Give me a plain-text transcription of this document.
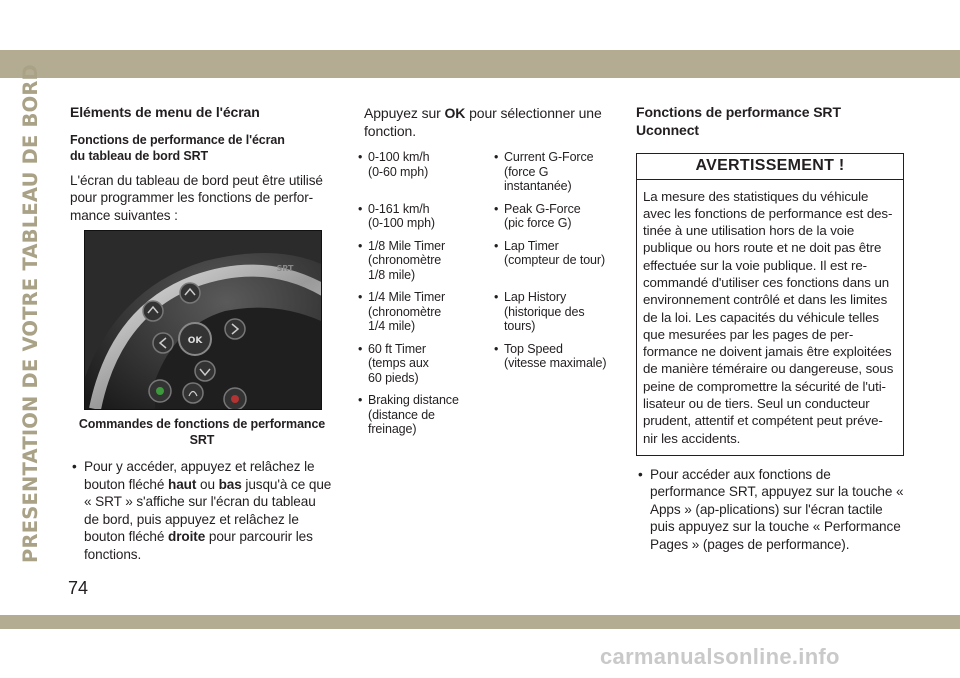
PRESENTATION DE VOTRE TABLEAU DE BORD Eléments de menu de l'écran
Fonctions de performance de l'écran
du tableau de bord SRT

L'écran du tableau de bord peut être utilisé pour programmer les fonctions de perfor-mance suivantes :

OK
SRT
Commandes de fonctions de performance
SRT

• Pour y accéder, appuyez et relâchez le bouton fléché haut ou bas jusqu'à ce que « SRT » s'affiche sur l'écran du tableau de bord, puis appuyez et relâchez le bouton fléché droite pour parcourir les fonctions.

Appuyez sur OK pour sélectionner une fonction.

• 0-100 km/h
(0-60 mph)
• Current G-Force
(force G
instantanée)
• 0-161 km/h
(0-100 mph)
• Peak G-Force
(pic force G)
• 1/8 Mile Timer
(chronomètre
1/8 mile)
• Lap Timer
(compteur de tour)
• 1/4 Mile Timer
(chronomètre
1/4 mile)
• Lap History
(historique des
tours)
• 60 ft Timer
(temps aux
60 pieds)
• Top Speed
(vitesse maximale)
• Braking distance
(distance de
freinage)
Fonctions de performance SRT Uconnect
AVERTISSEMENT !

La mesure des statistiques du véhicule avec les fonctions de performance est des-tinée à une utilisation hors de la voie publique ou hors route et ne doit pas être effectuée sur la voie publique. Il est re-commandé d'utiliser ces fonctions dans un environnement contrôlé et dans les limites de la loi. Les capacités du véhicule telles que mesurées par les pages de per-formance ne doivent jamais être exploitées de manière téméraire ou dangereuse, sous peine de compromettre la sécurité de l'uti-lisateur ou de tiers. Seul un conducteur prudent, attentif et compétent peut préve-nir les accidents.

• Pour accéder aux fonctions de performance SRT, appuyez sur la touche « Apps » (ap-plications) sur l'écran tactile puis appuyez sur la touche « Performance Pages » (pages de performance).

74
carmanualsonline.info
